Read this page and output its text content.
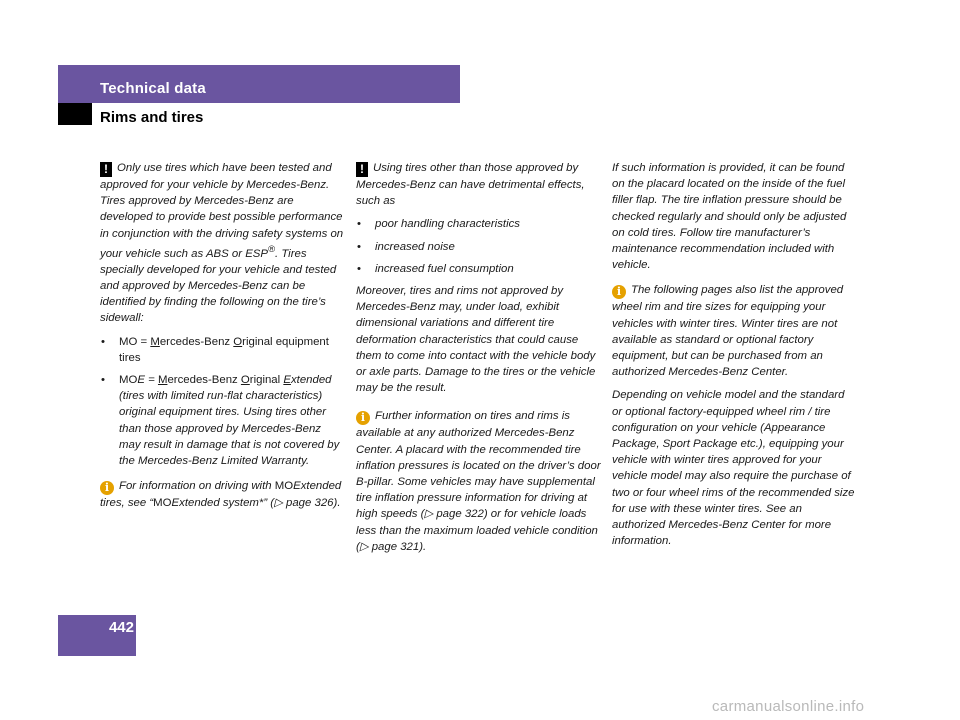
Technical data
Rims and tires

! Only use tires which have been tested and approved for your vehicle by Mercedes-Benz. Tires approved by Mercedes-Benz are developed to provide best possible performance in conjunction with the driving safety systems on your vehicle such as ABS or ESP®. Tires specially developed for your vehicle and tested and approved by Mercedes-Benz can be identified by finding the following on the tire’s sidewall:

• MO = Mercedes-Benz Original equipment tires
• MOE = Mercedes-Benz Original Extended (tires with limited run-flat characteristics) original equipment tires. Using tires other than those approved by Mercedes-Benz may result in damage that is not covered by the Mercedes-Benz Limited Warranty.

i For information on driving with MOExtended tires, see “MOExtended system*” (▷ page 326).

! Using tires other than those approved by Mercedes-Benz can have detrimental effects, such as

• poor handling characteristics
• increased noise
• increased fuel consumption

Moreover, tires and rims not approved by Mercedes-Benz may, under load, exhibit dimensional variations and different tire deformation characteristics that could cause them to come into contact with the vehicle body or axle parts. Damage to the tires or the vehicle may be the result.

i Further information on tires and rims is available at any authorized Mercedes-Benz Center. A placard with the recommended tire inflation pressures is located on the driver’s door B-pillar. Some vehicles may have supplemental tire inflation pressure information for driving at high speeds (▷ page 322) or for vehicle loads less than the maximum loaded vehicle condition (▷ page 321).

If such information is provided, it can be found on the placard located on the inside of the fuel filler flap. The tire inflation pressure should be checked regularly and should only be adjusted on cold tires. Follow tire manufacturer’s maintenance recommendation included with vehicle.

i The following pages also list the approved wheel rim and tire sizes for equipping your vehicles with winter tires. Winter tires are not available as standard or optional factory equipment, but can be purchased from an authorized Mercedes-Benz Center.

Depending on vehicle model and the standard or optional factory-equipped wheel rim / tire configuration on your vehicle (Appearance Package, Sport Package etc.), equipping your vehicle with winter tires approved for your vehicle model may also require the purchase of two or four wheel rims of the recommended size for use with these winter tires. See an authorized Mercedes-Benz Center for more information.

442
carmanualsonline.info
